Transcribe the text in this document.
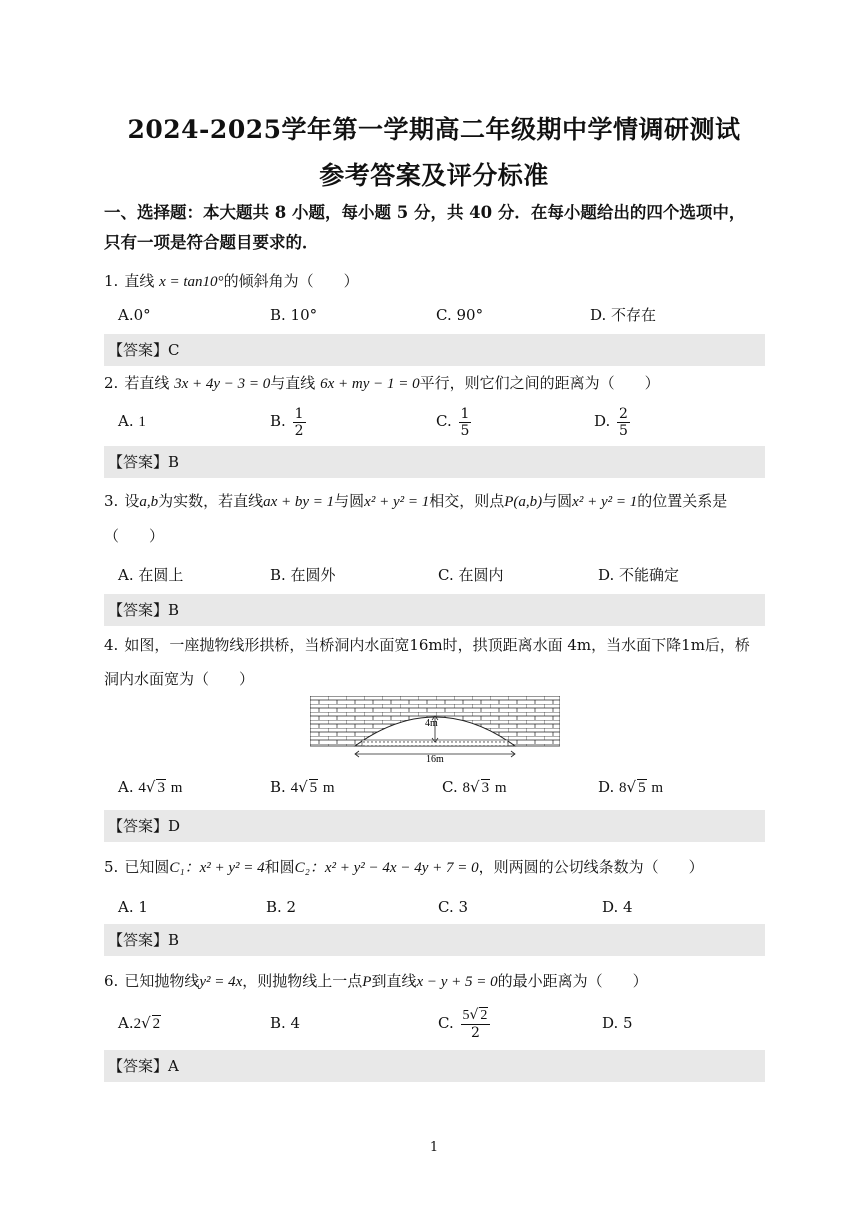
2024-2025学年第一学期高二年级期中学情调研测试
参考答案及评分标准
一、选择题：本大题共 8 小题，每小题 5 分，共 40 分．在每小题给出的四个选项中，
只有一项是符合题目要求的．
1. 直线 x = tan10°的倾斜角为（　　）
A.0°	B. 10°	C. 90°	D. 不存在
【答案】C
2. 若直线 3x + 4y − 3 = 0与直线 6x + my − 1 = 0平行，则它们之间的距离为（　　）
A. 1	B. $\frac{1}{2}$	C. $\frac{1}{5}$	D. $\frac{2}{5}$
【答案】B
3. 设a,b为实数，若直线ax + by = 1与圆x² + y² = 1相交，则点P(a,b)与圆x² + y² = 1的位置关系是
（　　）
A. 在圆上	B. 在圆外	C. 在圆内	D. 不能确定
【答案】B
4. 如图，一座抛物线形拱桥，当桥洞内水面宽16m时，拱顶距离水面 4m，当水面下降1m后，桥
洞内水面宽为（　　）
4m
16m
A. 4√ 3 m	B. 4√ 5 m	C. 8√ 3 m	D. 8√ 5 m
【答案】D
5. 已知圆C₁：x² + y² = 4和圆C₂：x² + y² − 4x − 4y + 7 = 0，则两圆的公切线条数为（　　）
A. 1	B. 2	C. 3	D. 4
【答案】B
6. 已知抛物线y² = 4x，则抛物线上一点P到直线x − y + 5 = 0的最小距离为（　　）
A.2√ 2	B. 4	C. $\frac{5√ 2}{2}$	D. 5
【答案】A
1
